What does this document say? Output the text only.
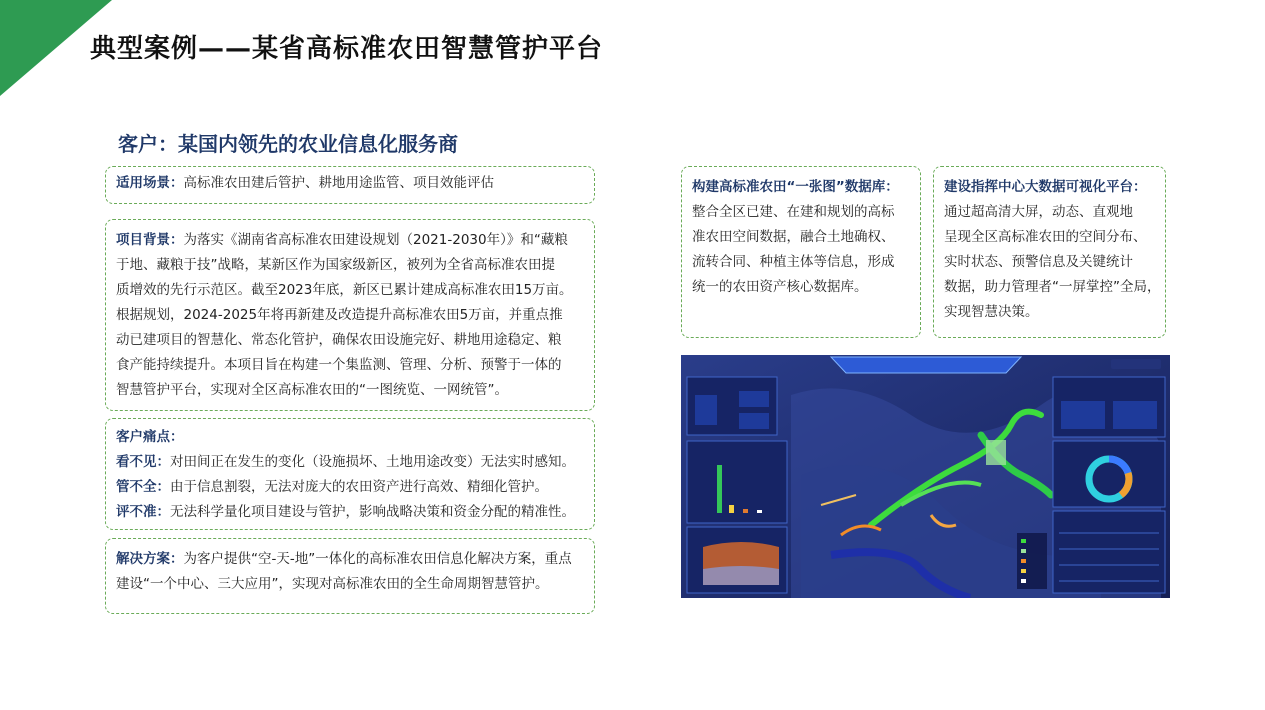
典型案例——某省高标准农田智慧管护平台
客户：某国内领先的农业信息化服务商
适用场景：高标准农田建后管护、耕地用途监管、项目效能评估
项目背景：为落实《湖南省高标准农田建设规划（2021-2030年）》和“藏粮
于地、藏粮于技”战略，某新区作为国家级新区，被列为全省高标准农田提
质增效的先行示范区。截至2023年底，新区已累计建成高标准农田15万亩。
根据规划，2024-2025年将再新建及改造提升高标准农田5万亩，并重点推
动已建项目的智慧化、常态化管护，确保农田设施完好、耕地用途稳定、粮
食产能持续提升。本项目旨在构建一个集监测、管理、分析、预警于一体的
智慧管护平台，实现对全区高标准农田的“一图统览、一网统管”。
客户痛点：
看不见：对田间正在发生的变化（设施损坏、土地用途改变）无法实时感知。
管不全：由于信息割裂，无法对庞大的农田资产进行高效、精细化管护。
评不准：无法科学量化项目建设与管护，影响战略决策和资金分配的精准性。
解决方案：为客户提供“空-天-地”一体化的高标准农田信息化解决方案，重点
建设“一个中心、三大应用”，实现对高标准农田的全生命周期智慧管护。
构建高标准农田“一张图”数据库：
整合全区已建、在建和规划的高标
准农田空间数据，融合土地确权、
流转合同、种植主体等信息，形成
统一的农田资产核心数据库。
建设指挥中心大数据可视化平台：
通过超高清大屏，动态、直观地
呈现全区高标准农田的空间分布、
实时状态、预警信息及关键统计
数据，助力管理者“一屏掌控”全局，
实现智慧决策。
